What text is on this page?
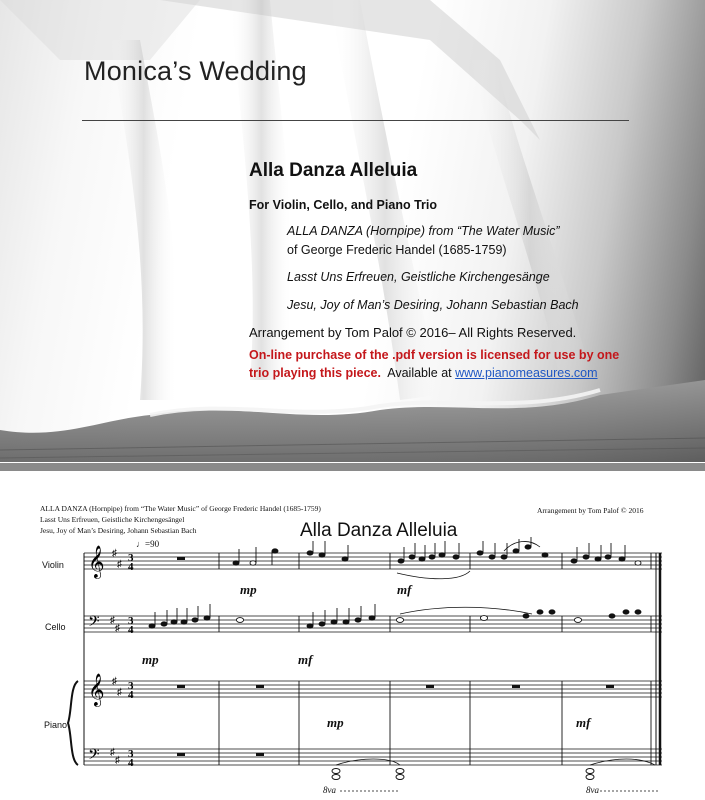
Monica’s Wedding
Alla Danza Alleluia
For Violin, Cello, and Piano Trio
ALLA DANZA (Hornpipe) from “The Water Music”
of George Frederic Handel (1685-1759)
Lasst Uns Erfreuen, Geistliche Kirchengesänge
Jesu, Joy of Man’s Desiring, Johann Sebastian Bach
Arrangement by Tom Palof © 2016– All Rights Reserved.
On-line purchase of the .pdf version is licensed for use by one
trio playing this piece.  Available at www.pianomeasures.com
ALLA DANZA (Hornpipe) from “The Water Music” of George Frederic Handel (1685-1759)
Lasst Uns Erfreuen, Geistliche Kirchengesängel
Jesu, Joy of Man’s Desiring, Johann Sebastian Bach
Arrangement by Tom Palof © 2016
Alla Danza Alleluia
♩=90
Violin
Cello
Piano
𝄞
𝄢
𝄞
𝄢
♯
♯
♯
♯
♯
♯
♯
♯
3
4
3
4
3
4
3
4
mp	mf
mp	mf
mp	mf
8va	8va
